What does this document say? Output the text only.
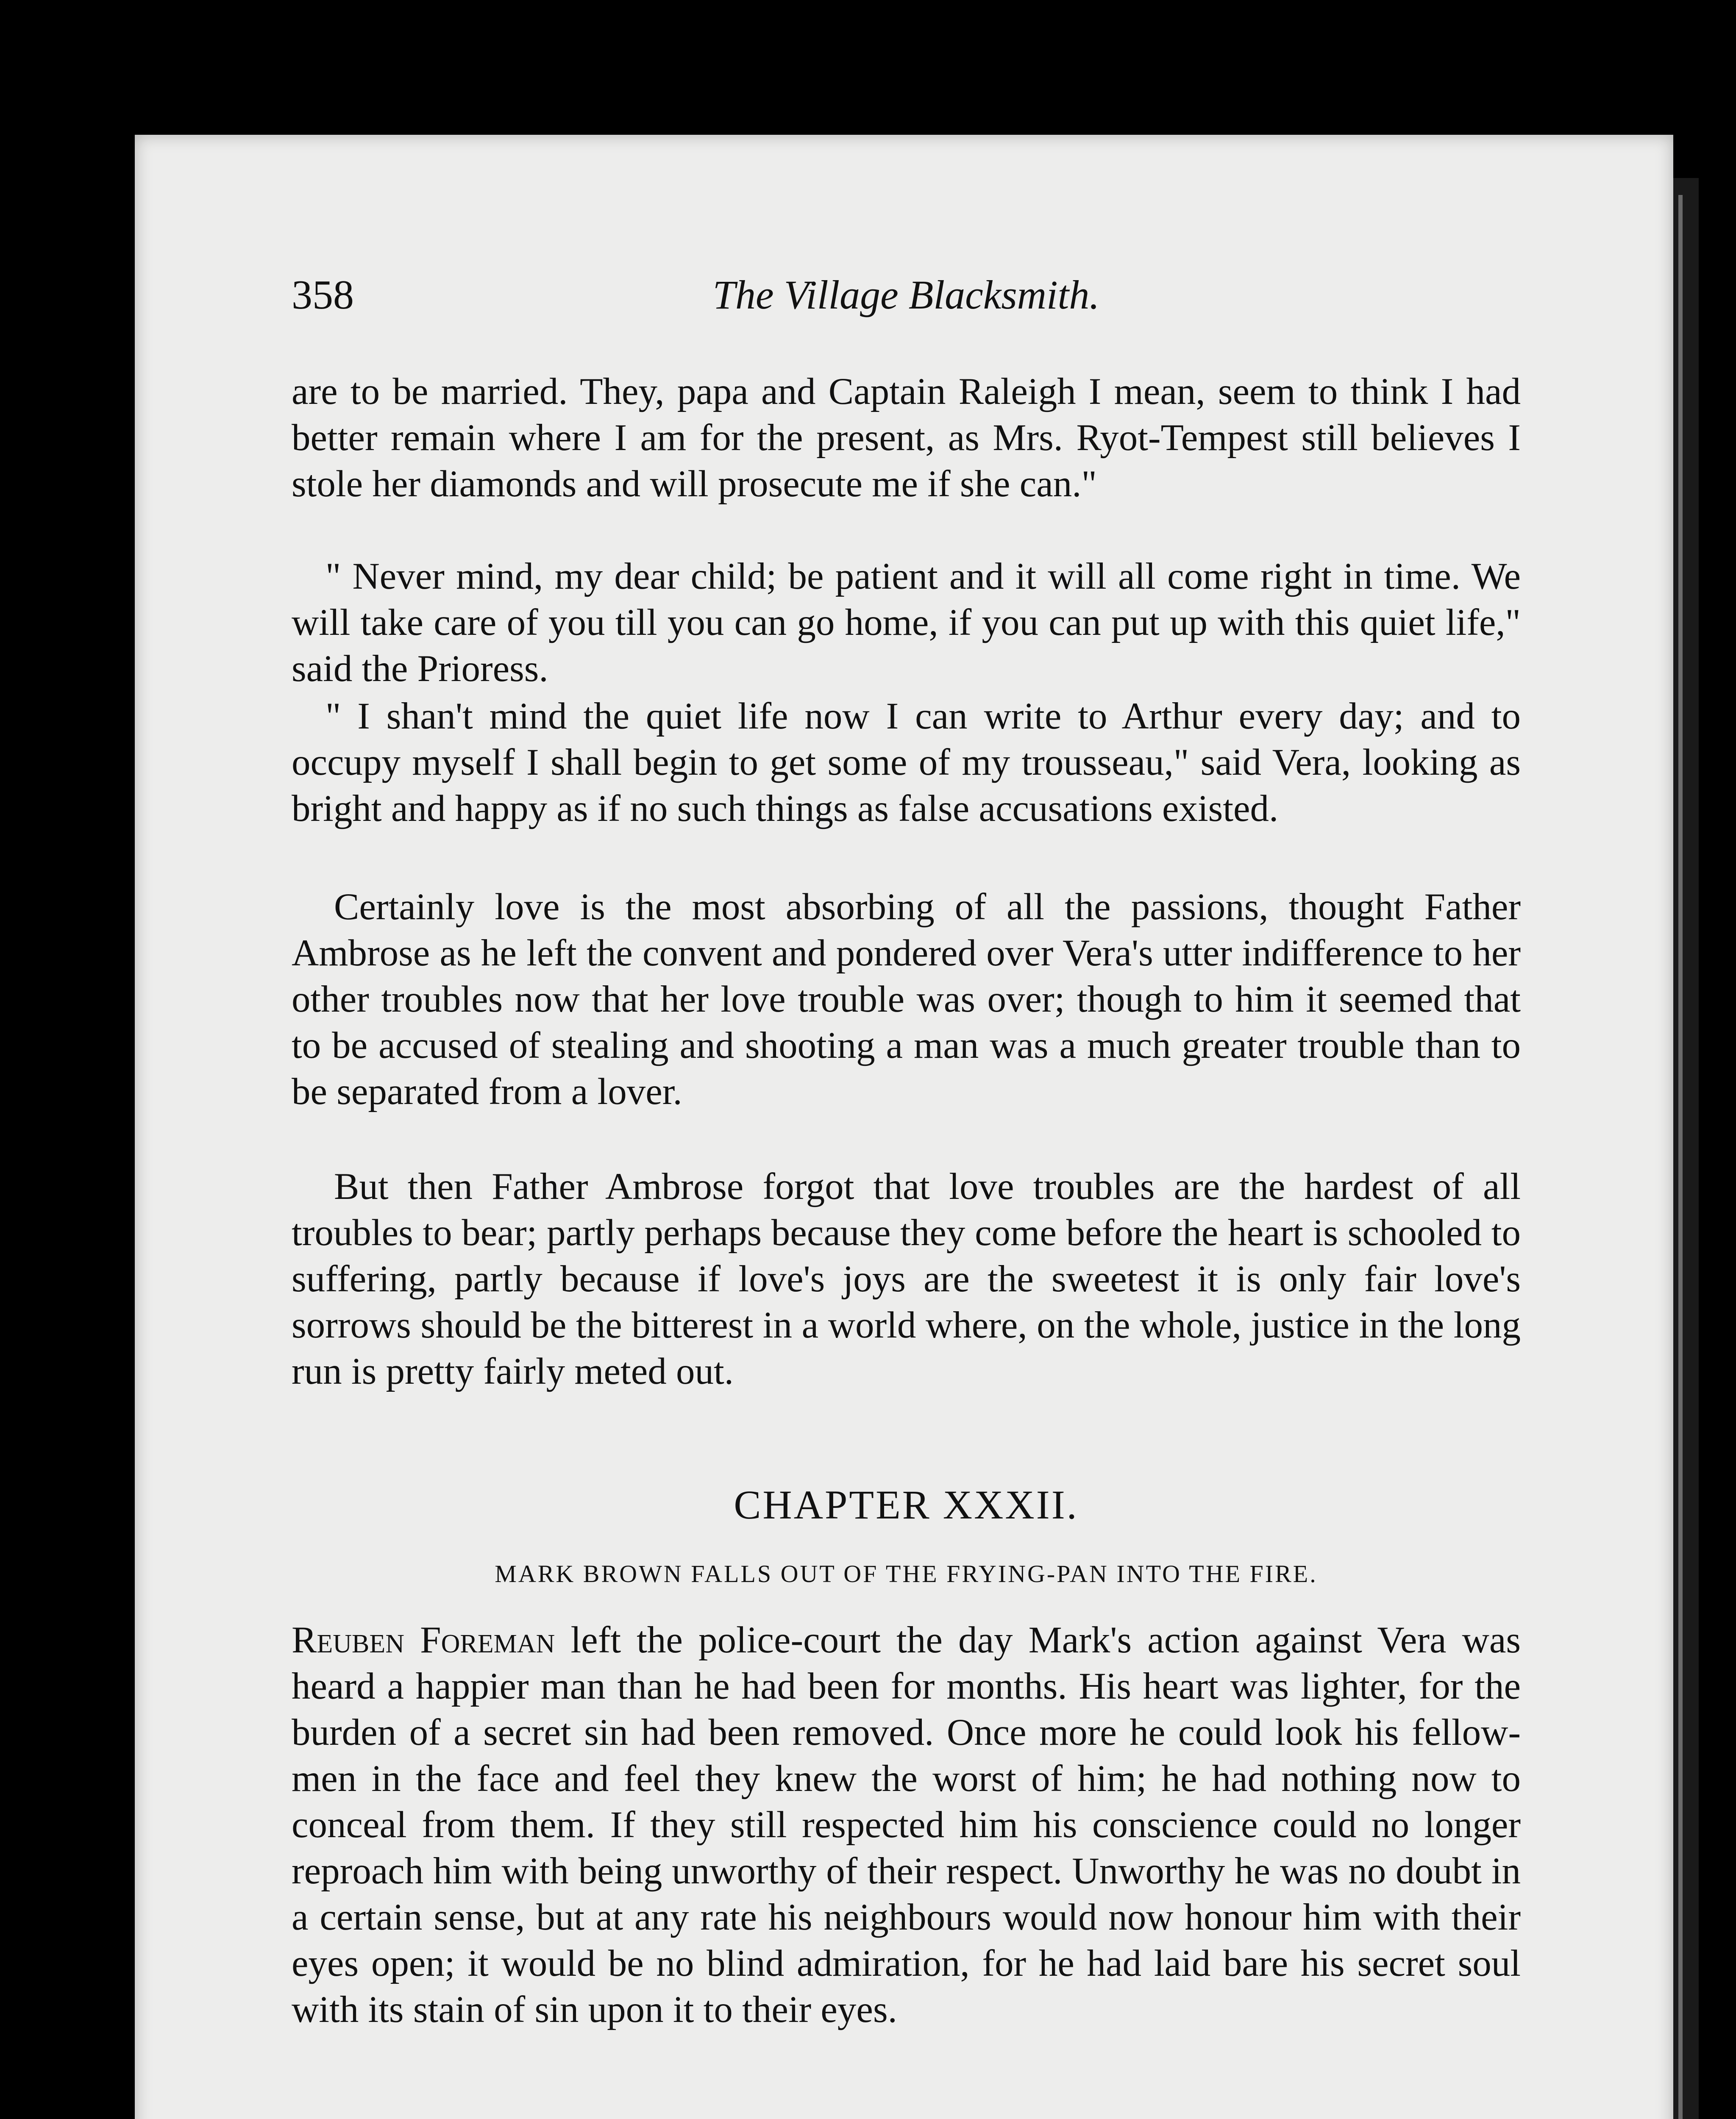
358	The Village Blacksmith.

are to be married. They, papa and Captain Raleigh I mean, seem to think I had better remain where I am for the present, as Mrs. Ryot-Tempest still believes I stole her diamonds and will prosecute me if she can."

" Never mind, my dear child; be patient and it will all come right in time. We will take care of you till you can go home, if you can put up with this quiet life," said the Prioress.

" I shan't mind the quiet life now I can write to Arthur every day; and to occupy myself I shall begin to get some of my trousseau," said Vera, looking as bright and happy as if no such things as false accusations existed.

Certainly love is the most absorbing of all the passions, thought Father Ambrose as he left the convent and pondered over Vera's utter indifference to her other troubles now that her love trouble was over; though to him it seemed that to be accused of stealing and shooting a man was a much greater trouble than to be separated from a lover.

But then Father Ambrose forgot that love troubles are the hardest of all troubles to bear; partly perhaps because they come before the heart is schooled to suffering, partly because if love's joys are the sweetest it is only fair love's sorrows should be the bitterest in a world where, on the whole, justice in the long run is pretty fairly meted out.

CHAPTER XXXII.
MARK BROWN FALLS OUT OF THE FRYING-PAN INTO THE FIRE.

Reuben Foreman left the police-court the day Mark's action against Vera was heard a happier man than he had been for months. His heart was lighter, for the burden of a secret sin had been removed. Once more he could look his fellow-men in the face and feel they knew the worst of him; he had nothing now to conceal from them. If they still respected him his conscience could no longer reproach him with being unworthy of their respect. Unworthy he was no doubt in a certain sense, but at any rate his neighbours would now honour him with their eyes open; it would be no blind admiration, for he had laid bare his secret soul with its stain of sin upon it to their eyes.
